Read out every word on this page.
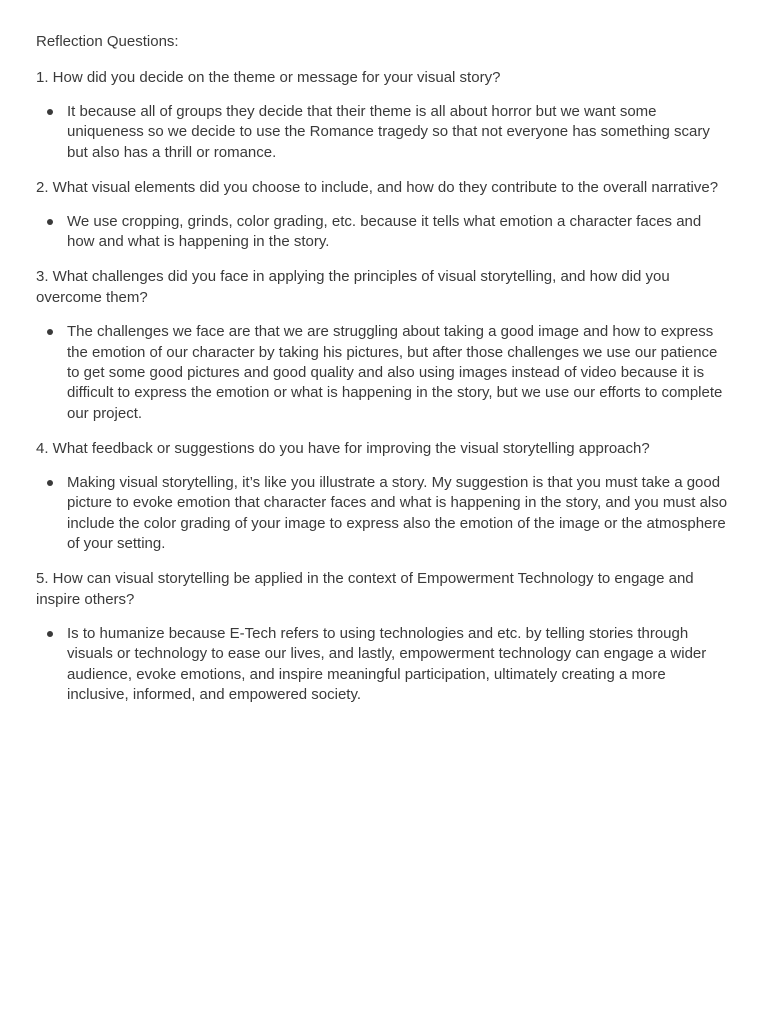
Reflection Questions:

1. How did you decide on the theme or message for your visual story?

It because all of groups they decide that their theme is all about horror but we want some uniqueness so we decide to use the Romance tragedy so that not everyone has something scary but also has a thrill or romance.

2. What visual elements did you choose to include, and how do they contribute to the overall narrative?

We use cropping, grinds, color grading, etc. because it tells what emotion a character faces and how and what is happening in the story.

3. What challenges did you face in applying the principles of visual storytelling, and how did you overcome them?

The challenges we face are that we are struggling about taking a good image and how to express the emotion of our character by taking his pictures, but after those challenges we use our patience to get some good pictures and good quality and also using images instead of video because it is difficult to express the emotion or what is happening in the story, but we use our efforts to complete our project.

4. What feedback or suggestions do you have for improving the visual storytelling approach?

Making visual storytelling, it’s like you illustrate a story. My suggestion is that you must take a good picture to evoke emotion that character faces and what is happening in the story, and you must also include the color grading of your image to express also the emotion of the image or the atmosphere of your setting.

5. How can visual storytelling be applied in the context of Empowerment Technology to engage and inspire others?

Is to humanize because E-Tech refers to using technologies and etc. by telling stories through visuals or technology to ease our lives, and lastly, empowerment technology can engage a wider audience, evoke emotions, and inspire meaningful participation, ultimately creating a more inclusive, informed, and empowered society.
